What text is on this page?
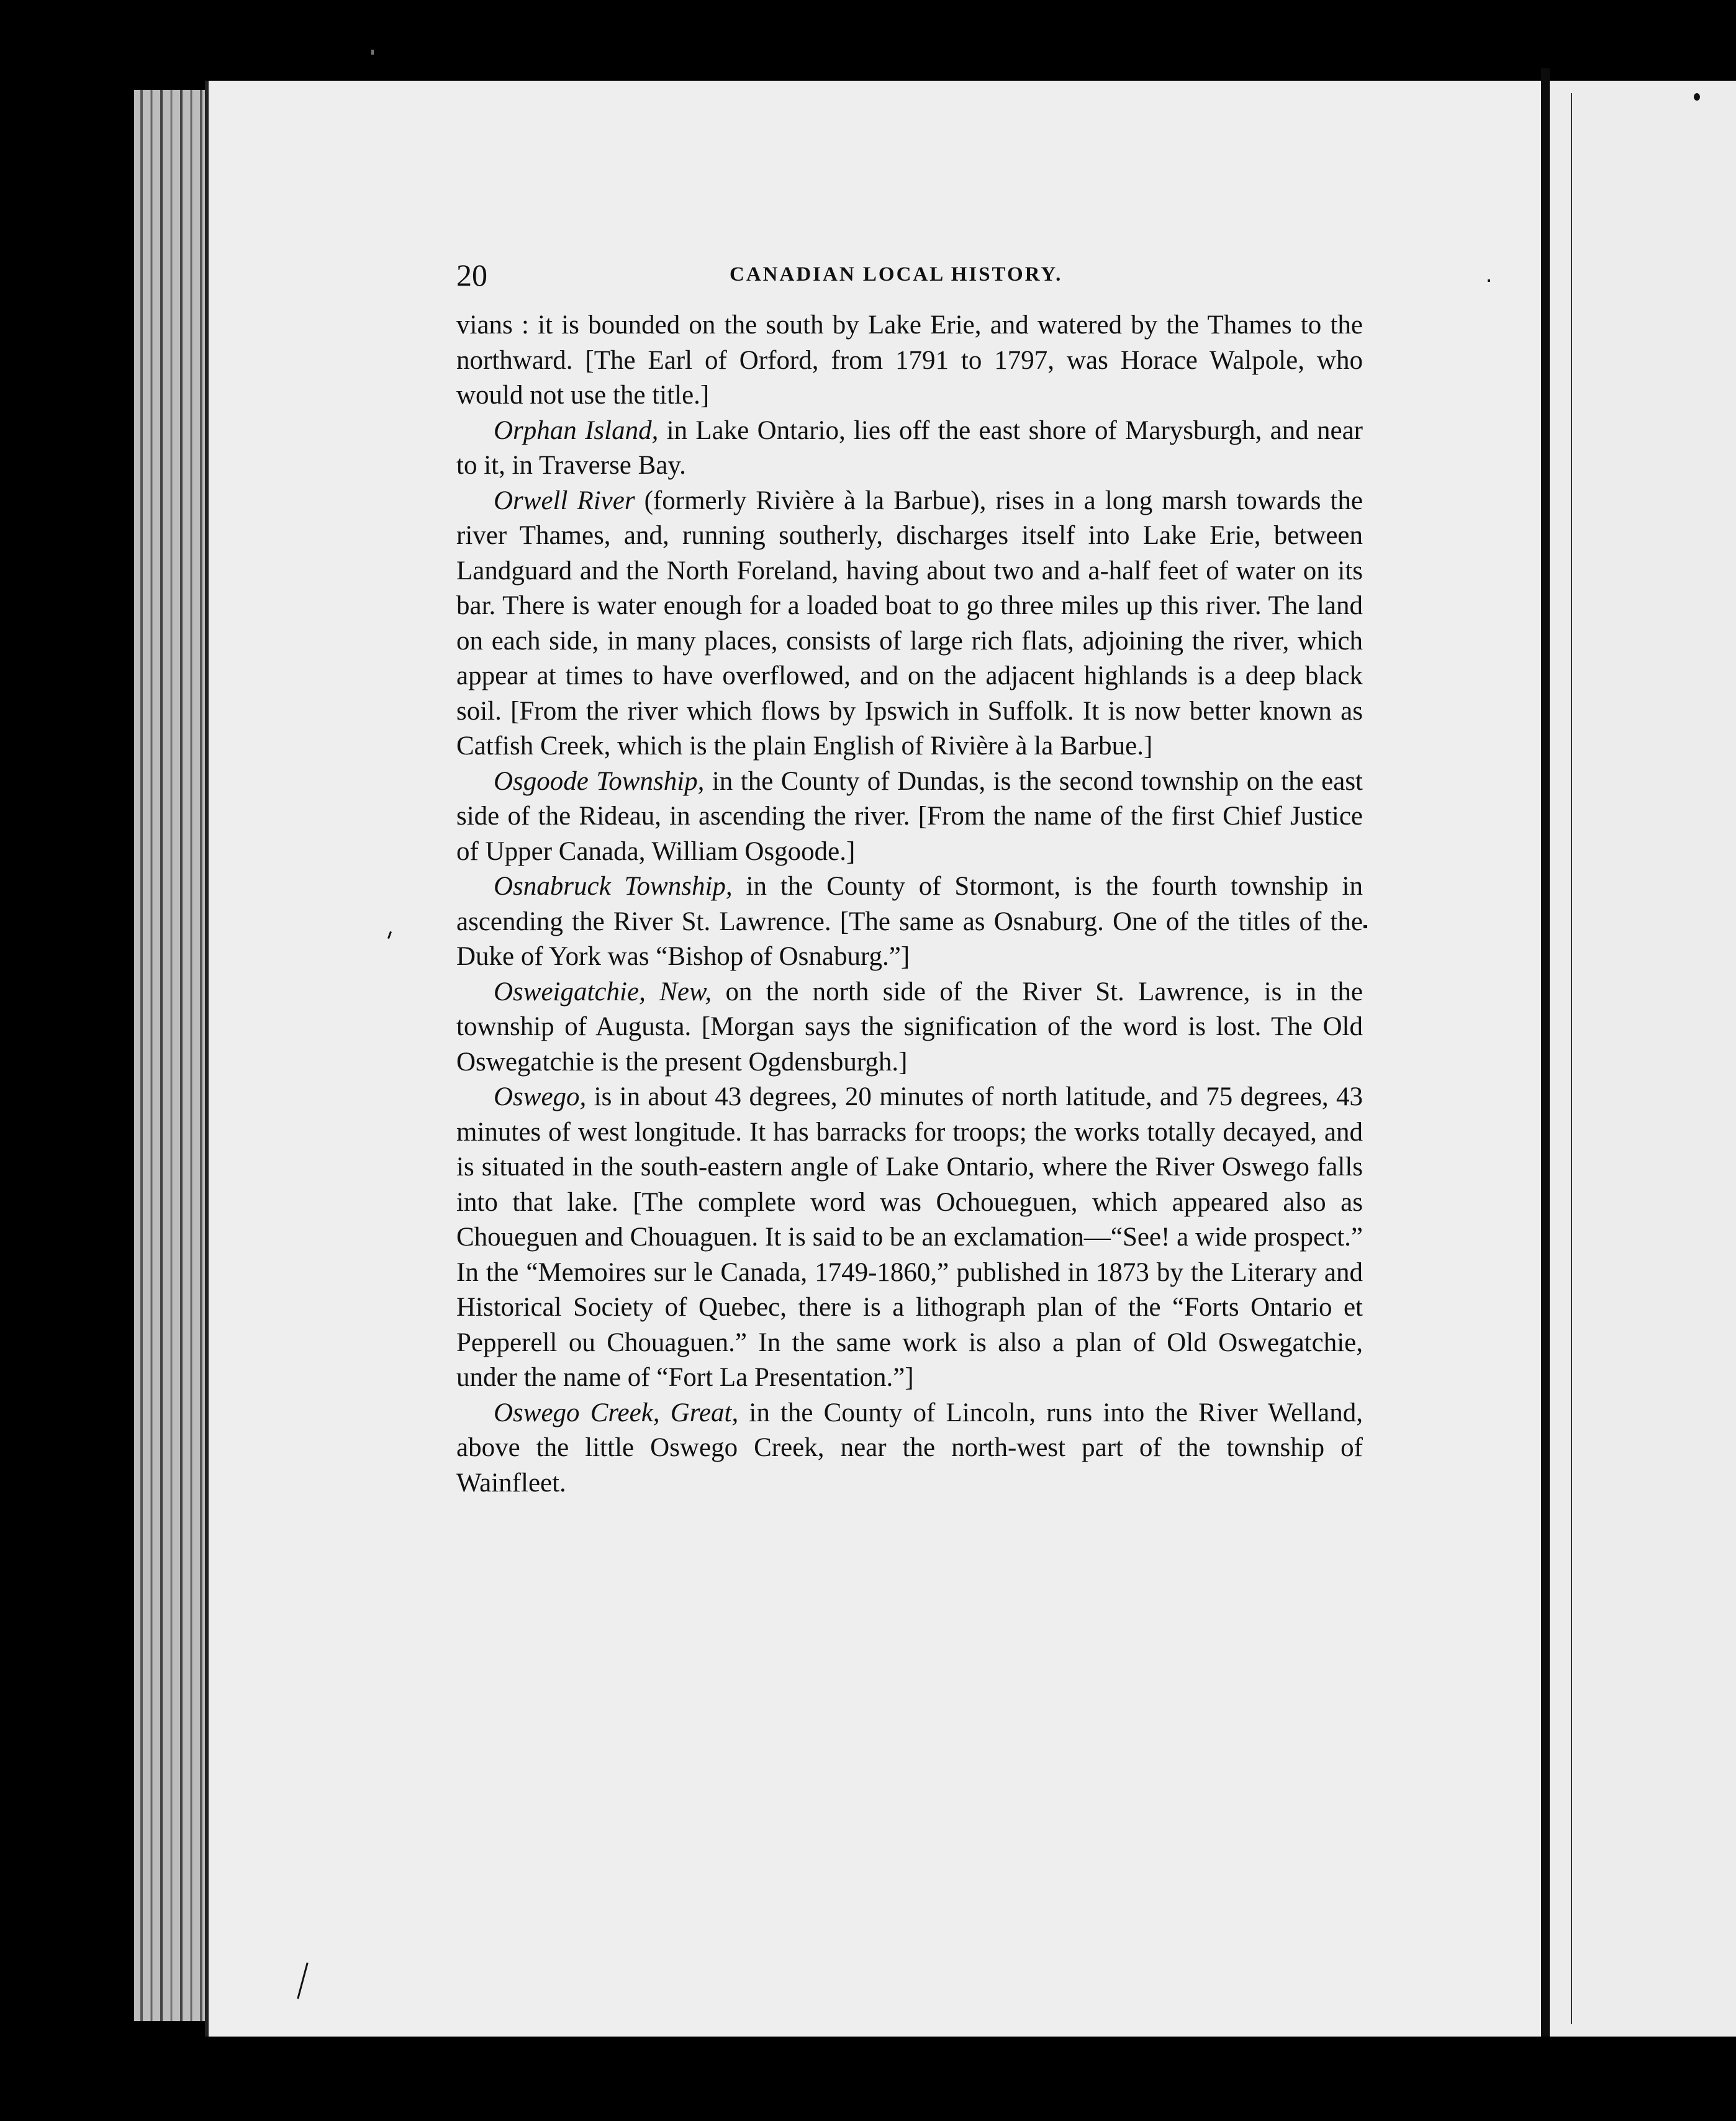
20	CANADIAN LOCAL HISTORY.

vians : it is bounded on the south by Lake Erie, and watered by the Thames to the northward. [The Earl of Orford, from 1791 to 1797, was Horace Walpole, who would not use the title.]

Orphan Island, in Lake Ontario, lies off the east shore of Marysburgh, and near to it, in Traverse Bay.

Orwell River (formerly Rivière à la Barbue), rises in a long marsh towards the river Thames, and, running southerly, discharges itself into Lake Erie, between Landguard and the North Foreland, having about two and a-half feet of water on its bar. There is water enough for a loaded boat to go three miles up this river. The land on each side, in many places, consists of large rich flats, adjoining the river, which appear at times to have overflowed, and on the adjacent highlands is a deep black soil. [From the river which flows by Ipswich in Suffolk. It is now better known as Catfish Creek, which is the plain English of Rivière à la Barbue.]

Osgoode Township, in the County of Dundas, is the second township on the east side of the Rideau, in ascending the river. [From the name of the first Chief Justice of Upper Canada, William Osgoode.]

Osnabruck Township, in the County of Stormont, is the fourth township in ascending the River St. Lawrence. [The same as Osnaburg. One of the titles of the Duke of York was “Bishop of Osnaburg.”]

Osweigatchie, New, on the north side of the River St. Lawrence, is in the township of Augusta. [Morgan says the signification of the word is lost. The Old Oswegatchie is the present Ogdensburgh.]

Oswego, is in about 43 degrees, 20 minutes of north latitude, and 75 degrees, 43 minutes of west longitude. It has barracks for troops; the works totally decayed, and is situated in the south-eastern angle of Lake Ontario, where the River Oswego falls into that lake. [The complete word was Ochoueguen, which appeared also as Choueguen and Chouaguen. It is said to be an exclamation—“See! a wide prospect.” In the “Memoires sur le Canada, 1749-1860,” published in 1873 by the Literary and Historical Society of Quebec, there is a lithograph plan of the “Forts Ontario et Pepperell ou Chouaguen.” In the same work is also a plan of Old Oswegatchie, under the name of “Fort La Presentation.”]

Oswego Creek, Great, in the County of Lincoln, runs into the River Welland, above the little Oswego Creek, near the north-west part of the township of Wainfleet.
